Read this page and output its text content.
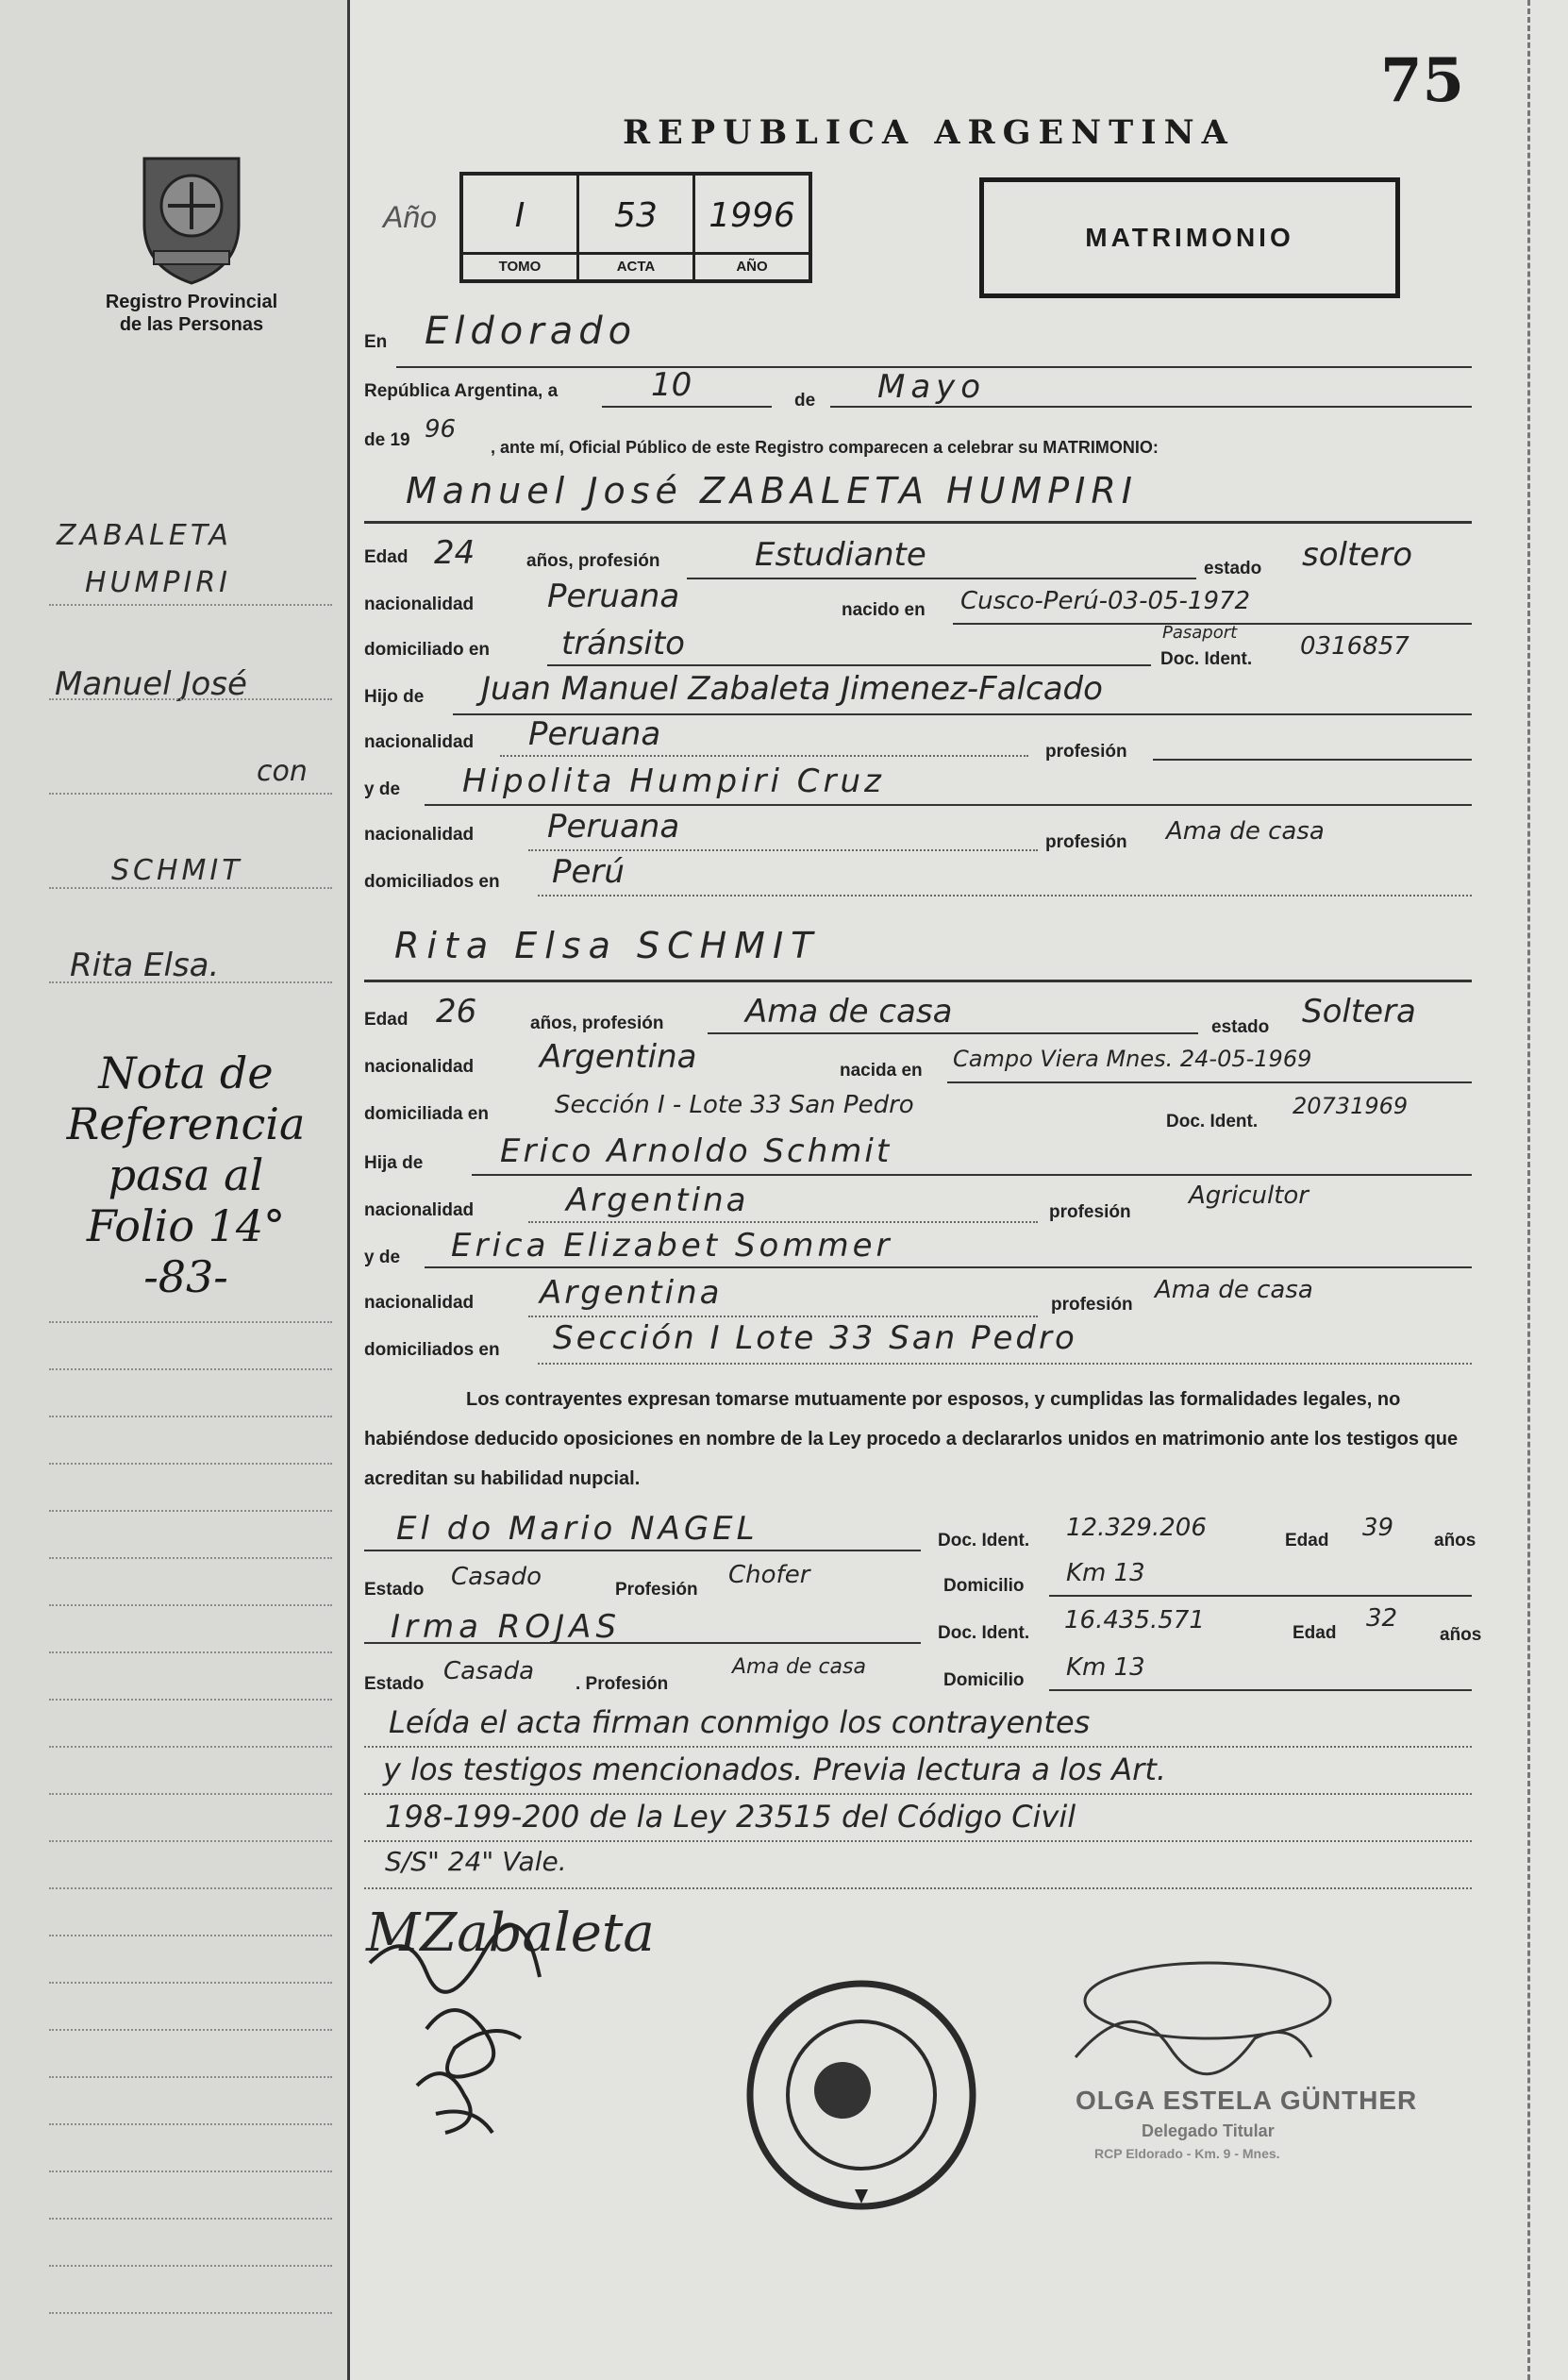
Registro Provincial
de las Personas
ZABALETA
HUMPIRI
Manuel José
con
SCHMIT
Rita Elsa.
Nota de
Referencia
pasa al
Folio 14°
-83-
75
REPUBLICA ARGENTINA
Año	I
TOMO
53
ACTA
1996
AÑO
MATRIMONIO
En Eldorado
República Argentina, a	10	de Mayo
de 19 96
, ante mí, Oficial Público de este Registro comparecen a celebrar su MATRIMONIO:
Manuel José ZABALETA HUMPIRI
Edad 24	años, profesión	Estudiante	estado soltero
nacionalidad Peruana	nacido en Cusco-Perú-03-05-1972
domiciliado en tránsito	Pasaport
Doc. Ident. 0316857
Hijo de Juan Manuel Zabaleta Jimenez-Falcado
nacionalidad Peruana	profesión
y de Hipolita Humpiri Cruz
nacionalidad Peruana	profesión Ama de casa
domiciliados en Perú
Rita Elsa SCHMIT
Edad 26	años, profesión	Ama de casa	estado Soltera
nacionalidad Argentina	nacida en Campo Viera Mnes. 24-05-1969
domiciliada en	Sección I - Lote 33 San Pedro
Doc. Ident.
20731969
Hija de Erico Arnoldo Schmit
nacionalidad	Argentina	profesión
Agricultor
y de Erica Elizabet Sommer
nacionalidad Argentina	profesión
Ama de casa
domiciliados en Sección I Lote 33 San Pedro
Los contrayentes expresan tomarse mutuamente por esposos, y cumplidas las formalidades legales, no habiéndose deducido oposiciones en nombre de la Ley procedo a declararlos unidos en matrimonio ante los testigos que acreditan su habilidad nupcial.
El do Mario NAGEL	Doc. Ident. 12.329.206	Edad 39 años
Estado Casado	Profesión
Chofer	Domicilio Km 13
Irma ROJAS	Doc. Ident. 16.435.571	Edad
32
años
Estado Casada . Profesión
Ama de casa
Domicilio Km 13
Leída el acta firman conmigo los contrayentes
y los testigos mencionados. Previa lectura a los Art.
198-199-200 de la Ley 23515 del Código Civil
S/S" 24" Vale.
MZabaleta
OLGA ESTELA GÜNTHER
Delegado Titular
RCP Eldorado - Km. 9 - Mnes.
